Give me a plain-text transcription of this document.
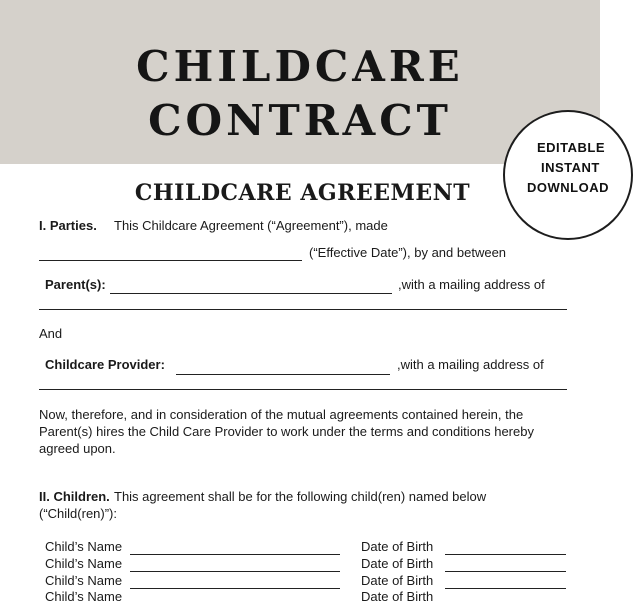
CHILDCARE
CONTRACT
EDITABLE
INSTANT
DOWNLOAD
CHILDCARE AGREEMENT
I. Parties. This Childcare Agreement (“Agreement”), made
(“Effective Date”), by and between
Parent(s):	,with a mailing address of
And
Childcare Provider:	,with a mailing address of
Now, therefore, and in consideration of the mutual agreements contained herein, the Parent(s) hires the Child Care Provider to work under the terms and conditions hereby agreed upon.
II. Children. This agreement shall be for the following child(ren) named below
(“Child(ren)”):
Child’s Name	Date of Birth
Child’s Name	Date of Birth
Child’s Name	Date of Birth
Child’s Name	Date of Birth
